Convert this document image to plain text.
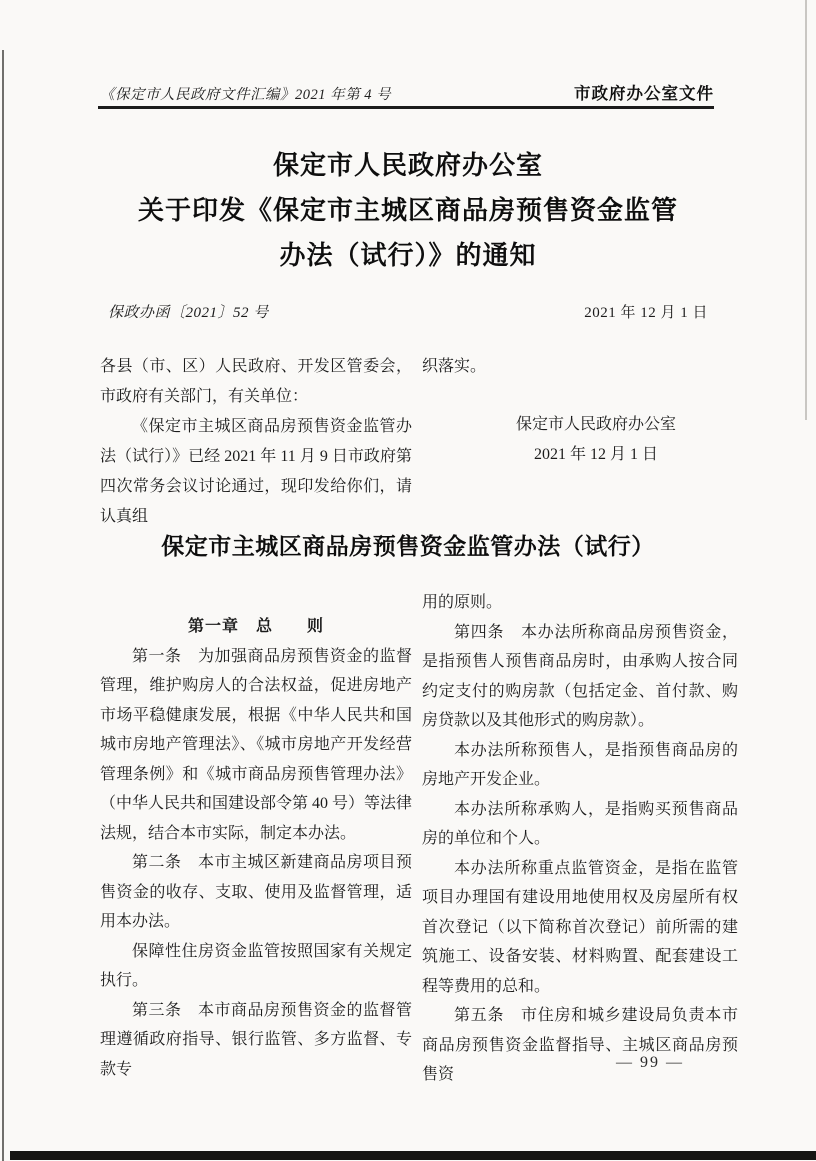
《保定市人民政府文件汇编》2021 年第 4 号	市政府办公室文件
保定市人民政府办公室
关于印发《保定市主城区商品房预售资金监管
办法（试行）》的通知
保政办函〔2021〕52 号	2021 年 12 月 1 日

各县（市、区）人民政府、开发区管委会，市政府有关部门，有关单位：

《保定市主城区商品房预售资金监管办法（试行）》已经 2021 年 11 月 9 日市政府第四次常务会议讨论通过，现印发给你们，请认真组

织落实。

保定市人民政府办公室

2021 年 12 月 1 日

保定市主城区商品房预售资金监管办法（试行）

第一章　总　　则

第一条　为加强商品房预售资金的监督管理，维护购房人的合法权益，促进房地产市场平稳健康发展，根据《中华人民共和国城市房地产管理法》、《城市房地产开发经营管理条例》和《城市商品房预售管理办法》（中华人民共和国建设部令第 40 号）等法律法规，结合本市实际，制定本办法。

第二条　本市主城区新建商品房项目预售资金的收存、支取、使用及监督管理，适用本办法。

保障性住房资金监管按照国家有关规定执行。

第三条　本市商品房预售资金的监督管理遵循政府指导、银行监管、多方监督、专款专

用的原则。

第四条　本办法所称商品房预售资金，是指预售人预售商品房时，由承购人按合同约定支付的购房款（包括定金、首付款、购房贷款以及其他形式的购房款）。

本办法所称预售人，是指预售商品房的房地产开发企业。

本办法所称承购人，是指购买预售商品房的单位和个人。

本办法所称重点监管资金，是指在监管项目办理国有建设用地使用权及房屋所有权首次登记（以下简称首次登记）前所需的建筑施工、设备安装、材料购置、配套建设工程等费用的总和。

第五条　市住房和城乡建设局负责本市商品房预售资金监督指导、主城区商品房预售资

— 99 —
